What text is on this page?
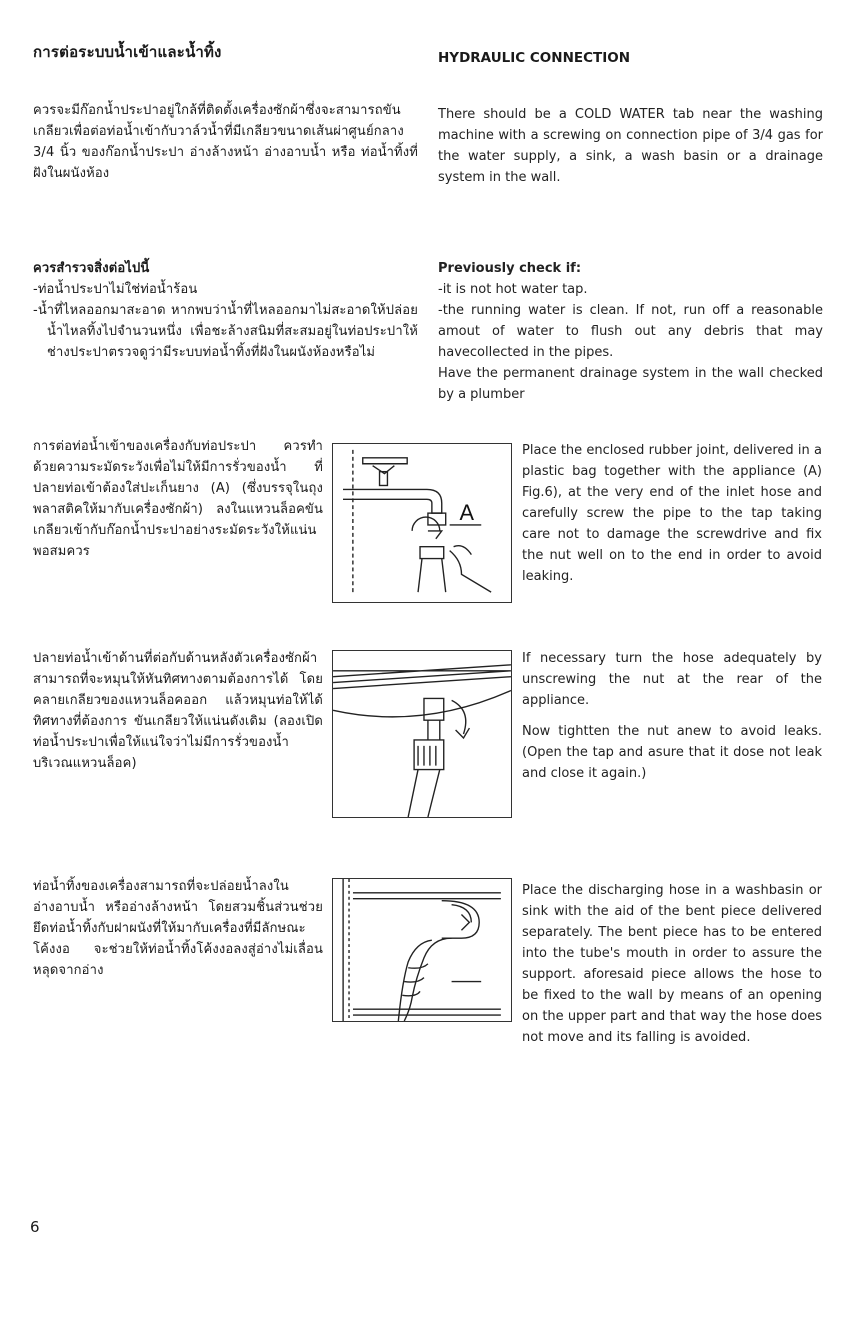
การต่อระบบน้ำเข้าและน้ำทิ้ง	HYDRAULIC CONNECTION

ควรจะมีก๊อกน้ำประปาอยู่ใกล้ที่ติดตั้งเครื่องซักผ้าซึ่งจะสามารถขันเกลียวเพื่อต่อท่อน้ำเข้ากับวาล์วน้ำที่มีเกลียวขนาดเส้นผ่าศูนย์กลาง 3/4 นิ้ว ของก๊อกน้ำประปา อ่างล้างหน้า อ่างอาบน้ำ หรือ ท่อน้ำทิ้งที่ฝังในผนังห้อง

There should be a COLD WATER tab near the washing machine with a screwing on connection pipe of 3/4 gas for the water supply, a sink, a wash basin or a drainage system in the wall.

ควรสำรวจสิ่งต่อไปนี้
-ท่อน้ำประปาไม่ใช่ท่อน้ำร้อน
-น้ำที่ไหลออกมาสะอาด หากพบว่าน้ำที่ไหลออกมาไม่สะอาดให้ปล่อยน้ำไหลทิ้งไปจำนวนหนึ่ง เพื่อชะล้างสนิมที่สะสมอยู่ในท่อประปาให้ช่างประปาตรวจดูว่ามีระบบท่อน้ำทิ้งที่ฝังในผนังห้องหรือไม่
Previously check if:
-it is not hot water tap.
-the running water is clean. If not, run off a reasonable amout of water to flush out any debris that may havecollected in the pipes.
Have the permanent drainage system in the wall checked by a plumber

การต่อท่อน้ำเข้าของเครื่องกับท่อประปา ควรทำด้วยความระมัดระวังเพื่อไม่ให้มีการรั่วของน้ำ ที่ปลายท่อเข้าต้องใส่ปะเก็นยาง (A) (ซึ่งบรรจุในถุงพลาสติคให้มากับเครื่องซักผ้า) ลงในแหวนล็อคขันเกลียวเข้ากับก๊อกน้ำประปาอย่างระมัดระวังให้แน่นพอสมควร

A

Place the enclosed rubber joint, delivered in a plastic bag together with the appliance (A) Fig.6), at the very end of the inlet hose and carefully screw the pipe to the tap taking care not to damage the screwdrive and fix the nut well on to the end in order to avoid leaking.

ปลายท่อน้ำเข้าด้านที่ต่อกับด้านหลังตัวเครื่องซักผ้าสามารถที่จะหมุนให้หันทิศทางตามต้องการได้ โดยคลายเกลียวของแหวนล็อคออก แล้วหมุนท่อให้ได้ทิศทางที่ต้องการ ขันเกลียวให้แน่นดังเดิม (ลองเปิดท่อน้ำประปาเพื่อให้แน่ใจว่าไม่มีการรั่วของน้ำบริเวณแหวนล็อค)

If necessary turn the hose adequately by unscrewing the nut at the rear of the appliance.
Now tightten the nut anew to avoid leaks. (Open the tap and asure that it dose not leak and close it again.)

ท่อน้ำทิ้งของเครื่องสามารถที่จะปล่อยน้ำลงในอ่างอาบน้ำ หรืออ่างล้างหน้า โดยสวมชิ้นส่วนช่วยยึดท่อน้ำทิ้งกับฝาผนังที่ให้มากับเครื่องที่มีลักษณะโค้งงอ จะช่วยให้ท่อน้ำทิ้งโค้งงอลงสู่อ่างไม่เลื่อนหลุดจากอ่าง

Place the discharging hose in a washbasin or sink with the aid of the bent piece delivered separately. The bent piece has to be entered into the tube's mouth in order to assure the support. aforesaid piece allows the hose to be fixed to the wall by means of an opening on the upper part and that way the hose does not move and its falling is avoided.

6
